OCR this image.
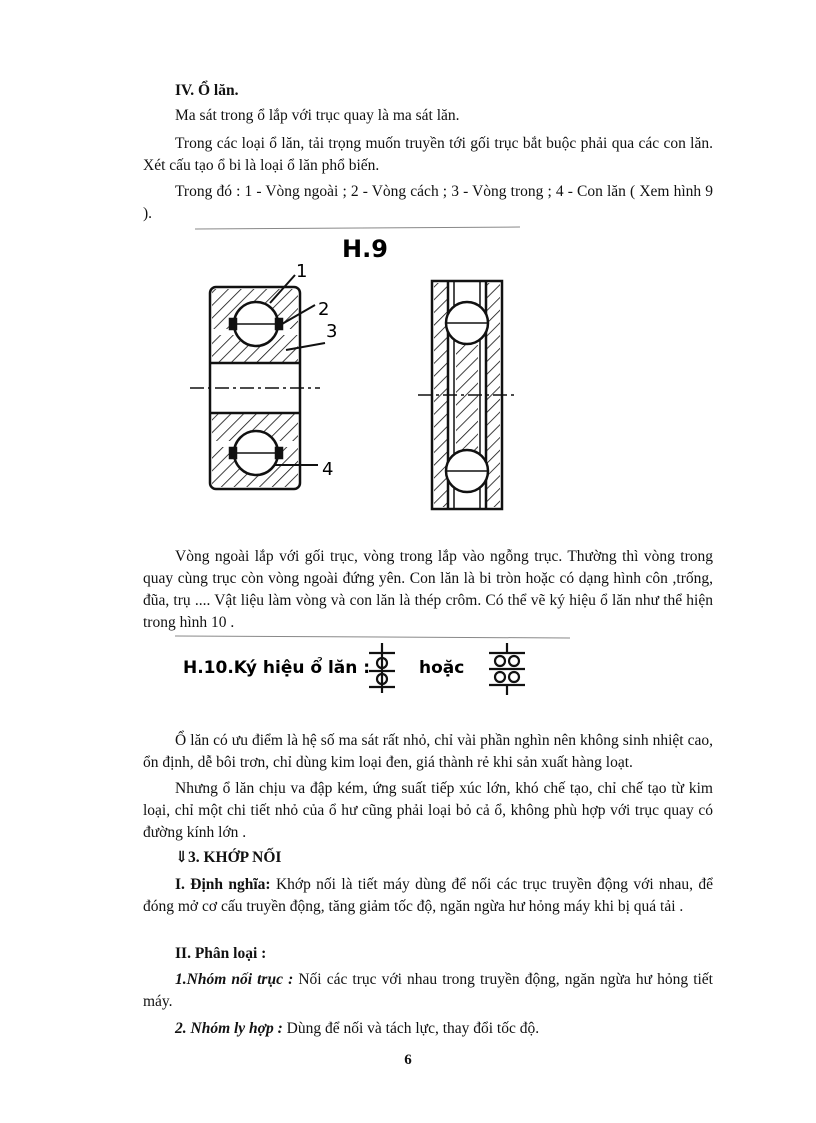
IV. Ổ lăn.

Ma sát trong ổ lắp với trục quay là ma sát lăn.

Trong các loại ổ lăn, tải trọng muốn truyền tới gối trục bắt buộc phải qua các con lăn. Xét cấu tạo ổ bi là loại ổ lăn phổ biến.

Trong đó : 1 - Vòng ngoài ; 2 - Vòng cách ; 3 - Vòng trong ; 4 - Con lăn ( Xem hình 9 ).

H.9
1
2
3
4

Vòng ngoài lắp với gối trục, vòng trong lắp vào ngỗng trục. Thường thì vòng trong quay cùng trục còn vòng ngoài đứng yên. Con lăn là bi tròn hoặc có dạng hình côn ,trống, đũa, trụ .... Vật liệu làm vòng và con lăn là thép crôm. Có thể vẽ ký hiệu ổ lăn như thể hiện trong hình 10 .

H.10.Ký hiệu ổ lăn :	hoặc

Ổ lăn có ưu điểm là hệ số ma sát rất nhỏ, chỉ vài phần nghìn nên không sinh nhiệt cao, ổn định, dễ bôi trơn, chỉ dùng kim loại đen, giá thành rẻ khi sản xuất hàng loạt.

Nhưng ổ lăn chịu va đập kém, ứng suất tiếp xúc lớn, khó chế tạo, chỉ chế tạo từ kim loại, chỉ một chi tiết nhỏ của ổ hư cũng phải loại bỏ cả ổ, không phù hợp với trục quay có đường kính lớn .

⇓3. KHỚP NỐI

I. Định nghĩa: Khớp nối là tiết máy dùng để nối các trục truyền động với nhau, để đóng mở cơ cấu truyền động, tăng giảm tốc độ, ngăn ngừa hư hỏng máy khi bị quá tải .

II. Phân loại :

1.Nhóm nối trục : Nối các trục với nhau trong truyền động, ngăn ngừa hư hỏng tiết máy.

2. Nhóm ly hợp : Dùng để nối và tách lực, thay đổi tốc độ.

6
